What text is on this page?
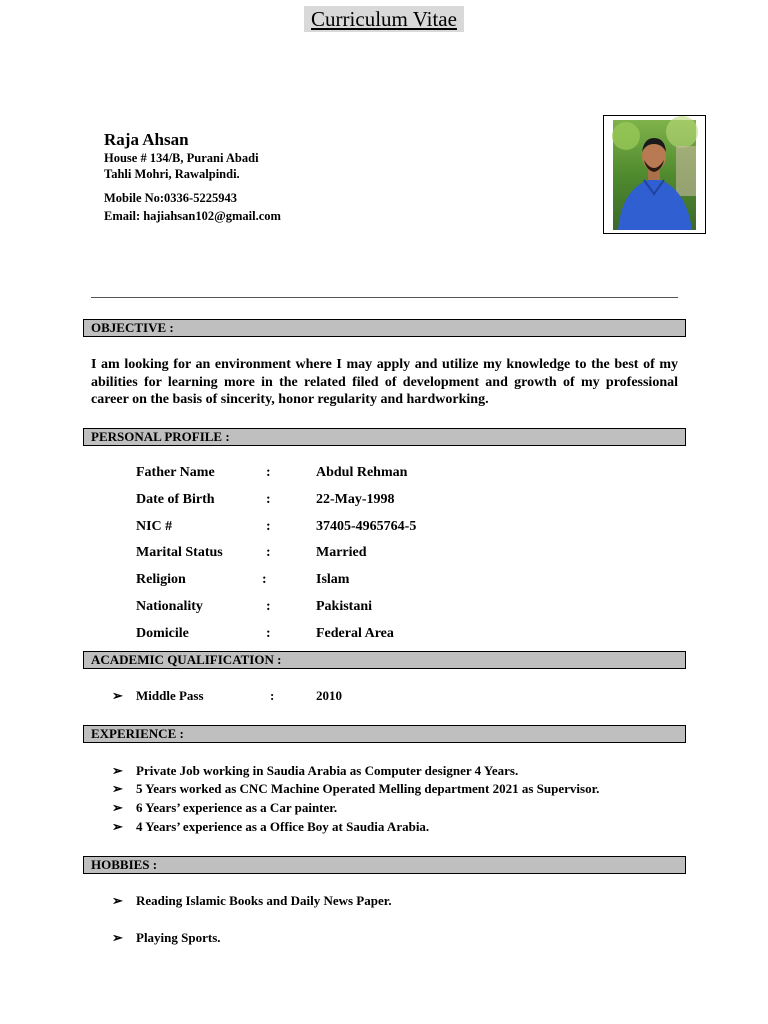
Curriculum Vitae
Raja Ahsan
House # 134/B, Purani Abadi
Tahli Mohri, Rawalpindi.
Mobile No:0336-5225943
Email: hajiahsan102@gmail.com
OBJECTIVE :
I am looking for an environment where I may apply and utilize my knowledge to the best of my abilities for learning more in the related filed of development and growth of my professional career on the basis of sincerity, honor regularity and hardworking.
PERSONAL PROFILE :
Father Name	:	Abdul Rehman
Date of Birth	:	22-May-1998
NIC #	:	37405-4965764-5
Marital Status	:	Married
Religion	:	Islam
Nationality	:	Pakistani
Domicile	:	Federal Area
ACADEMIC QUALIFICATION :
➢ Middle Pass	:	2010
EXPERIENCE :
➢ Private Job working in Saudia Arabia as Computer designer 4 Years.
➢ 5 Years worked as CNC Machine Operated Melling department 2021 as Supervisor.
➢ 6 Years’ experience as a Car painter.
➢ 4 Years’ experience as a Office Boy at Saudia Arabia.
HOBBIES :
➢ Reading Islamic Books and Daily News Paper.
➢ Playing Sports.
